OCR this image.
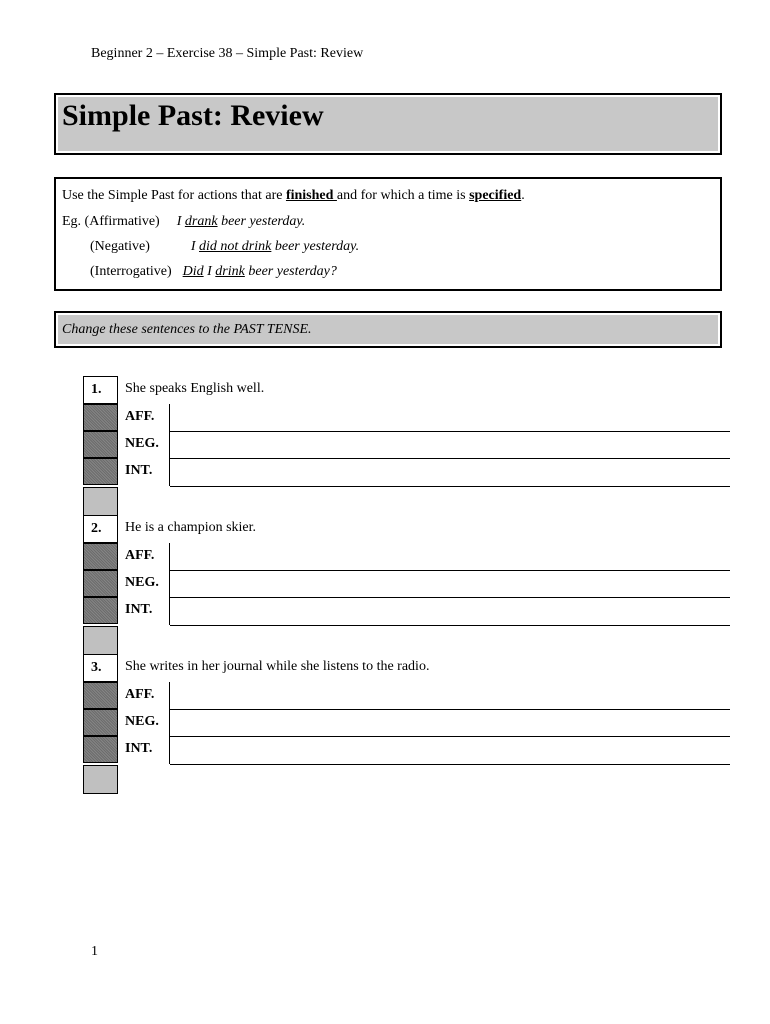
Beginner 2 – Exercise 38 – Simple Past: Review
Simple Past: Review
Use the Simple Past for actions that are finished and for which a time is specified.
Eg. (Affirmative) I drank beer yesterday.
(Negative)	I did not drink beer yesterday.
(Interrogative) Did I drink beer yesterday?
Change these sentences to the PAST TENSE.
1.	She speaks English well.
AFF.
NEG.
INT.
2.	He is a champion skier.
AFF.
NEG.
INT.
3.	She writes in her journal while she listens to the radio.
AFF.
NEG.
INT.
1
